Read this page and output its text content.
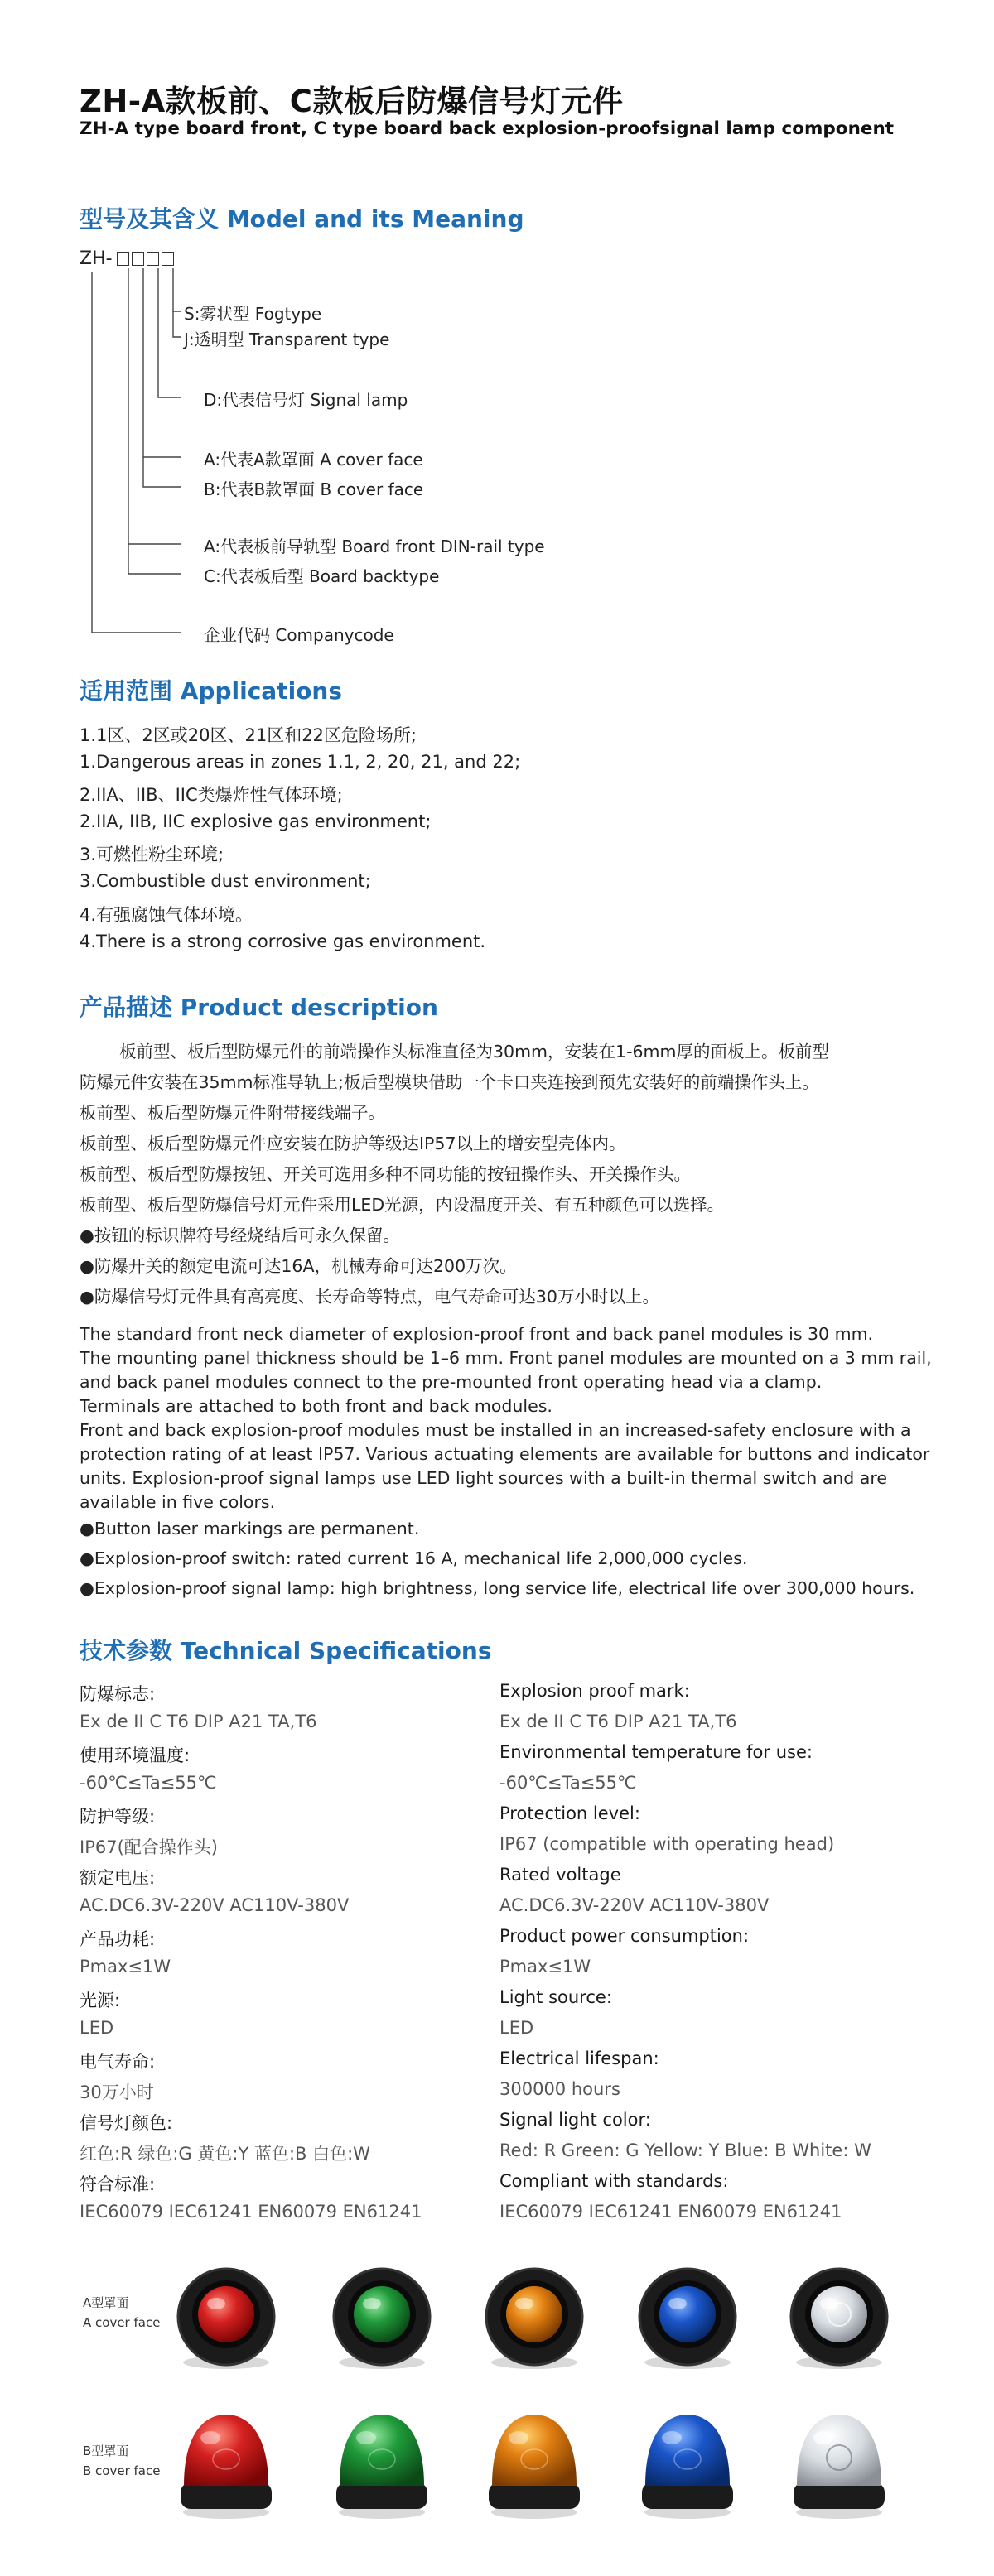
ZH-A款板前、C款板后防爆信号灯元件
ZH-A type board front, C type board back explosion-proofsignal lamp component
型号及其含义 Model and its Meaning
ZH-
S:雾状型 Fogtype
J:透明型 Transparent type
D:代表信号灯 Signal lamp
A:代表A款罩面 A cover face
B:代表B款罩面 B cover face
A:代表板前导轨型 Board front DIN-rail type
C:代表板后型 Board backtype
企业代码 Companycode
适用范围 Applications
1.1区、2区或20区、21区和22区危险场所;
1.Dangerous areas in zones 1.1, 2, 20, 21, and 22;
2.IIA、IIB、IIC类爆炸性气体环境;
2.IIA, IIB, IIC explosive gas environment;
3.可燃性粉尘环境;
3.Combustible dust environment;
4.有强腐蚀气体环境。
4.There is a strong corrosive gas environment.
产品描述 Product description
板前型、板后型防爆元件的前端操作头标准直径为30mm，安装在1-6mm厚的面板上。板前型
防爆元件安装在35mm标准导轨上;板后型模块借助一个卡口夹连接到预先安装好的前端操作头上。
板前型、板后型防爆元件附带接线端子。
板前型、板后型防爆元件应安装在防护等级达IP57以上的增安型壳体内。
板前型、板后型防爆按钮、开关可选用多种不同功能的按钮操作头、开关操作头。
板前型、板后型防爆信号灯元件采用LED光源，内设温度开关、有五种颜色可以选择。
●按钮的标识牌符号经烧结后可永久保留。
●防爆开关的额定电流可达16A，机械寿命可达200万次。
●防爆信号灯元件具有高亮度、长寿命等特点，电气寿命可达30万小时以上。
The standard front neck diameter of explosion-proof front and back panel modules is 30 mm.
The mounting panel thickness should be 1–6 mm. Front panel modules are mounted on a 3 mm rail,
and back panel modules connect to the pre-mounted front operating head via a clamp.
Terminals are attached to both front and back modules.
Front and back explosion-proof modules must be installed in an increased-safety enclosure with a
protection rating of at least IP57. Various actuating elements are available for buttons and indicator
units. Explosion-proof signal lamps use LED light sources with a built-in thermal switch and are
available in five colors.
●Button laser markings are permanent.
●Explosion-proof switch: rated current 16 A, mechanical life 2,000,000 cycles.
●Explosion-proof signal lamp: high brightness, long service life, electrical life over 300,000 hours.
技术参数 Technical Specifications
防爆标志:
Ex de II C T6 DIP A21 TA,T6
使用环境温度:
-60℃≤Ta≤55℃
防护等级:
IP67(配合操作头)
额定电压:
AC.DC6.3V-220V AC110V-380V
产品功耗:
Pmax≤1W
光源:
LED
电气寿命:
30万小时
信号灯颜色:
红色:R 绿色:G 黄色:Y 蓝色:B 白色:W
符合标准:
IEC60079 IEC61241 EN60079 EN61241
Explosion proof mark:
Ex de II C T6 DIP A21 TA,T6
Environmental temperature for use:
-60℃≤Ta≤55℃
Protection level:
IP67 (compatible with operating head)
Rated voltage
AC.DC6.3V-220V AC110V-380V
Product power consumption:
Pmax≤1W
Light source:
LED
Electrical lifespan:
300000 hours
Signal light color:
Red: R Green: G Yellow: Y Blue: B White: W
Compliant with standards:
IEC60079 IEC61241 EN60079 EN61241
A型罩面
A cover face
B型罩面
B cover face
